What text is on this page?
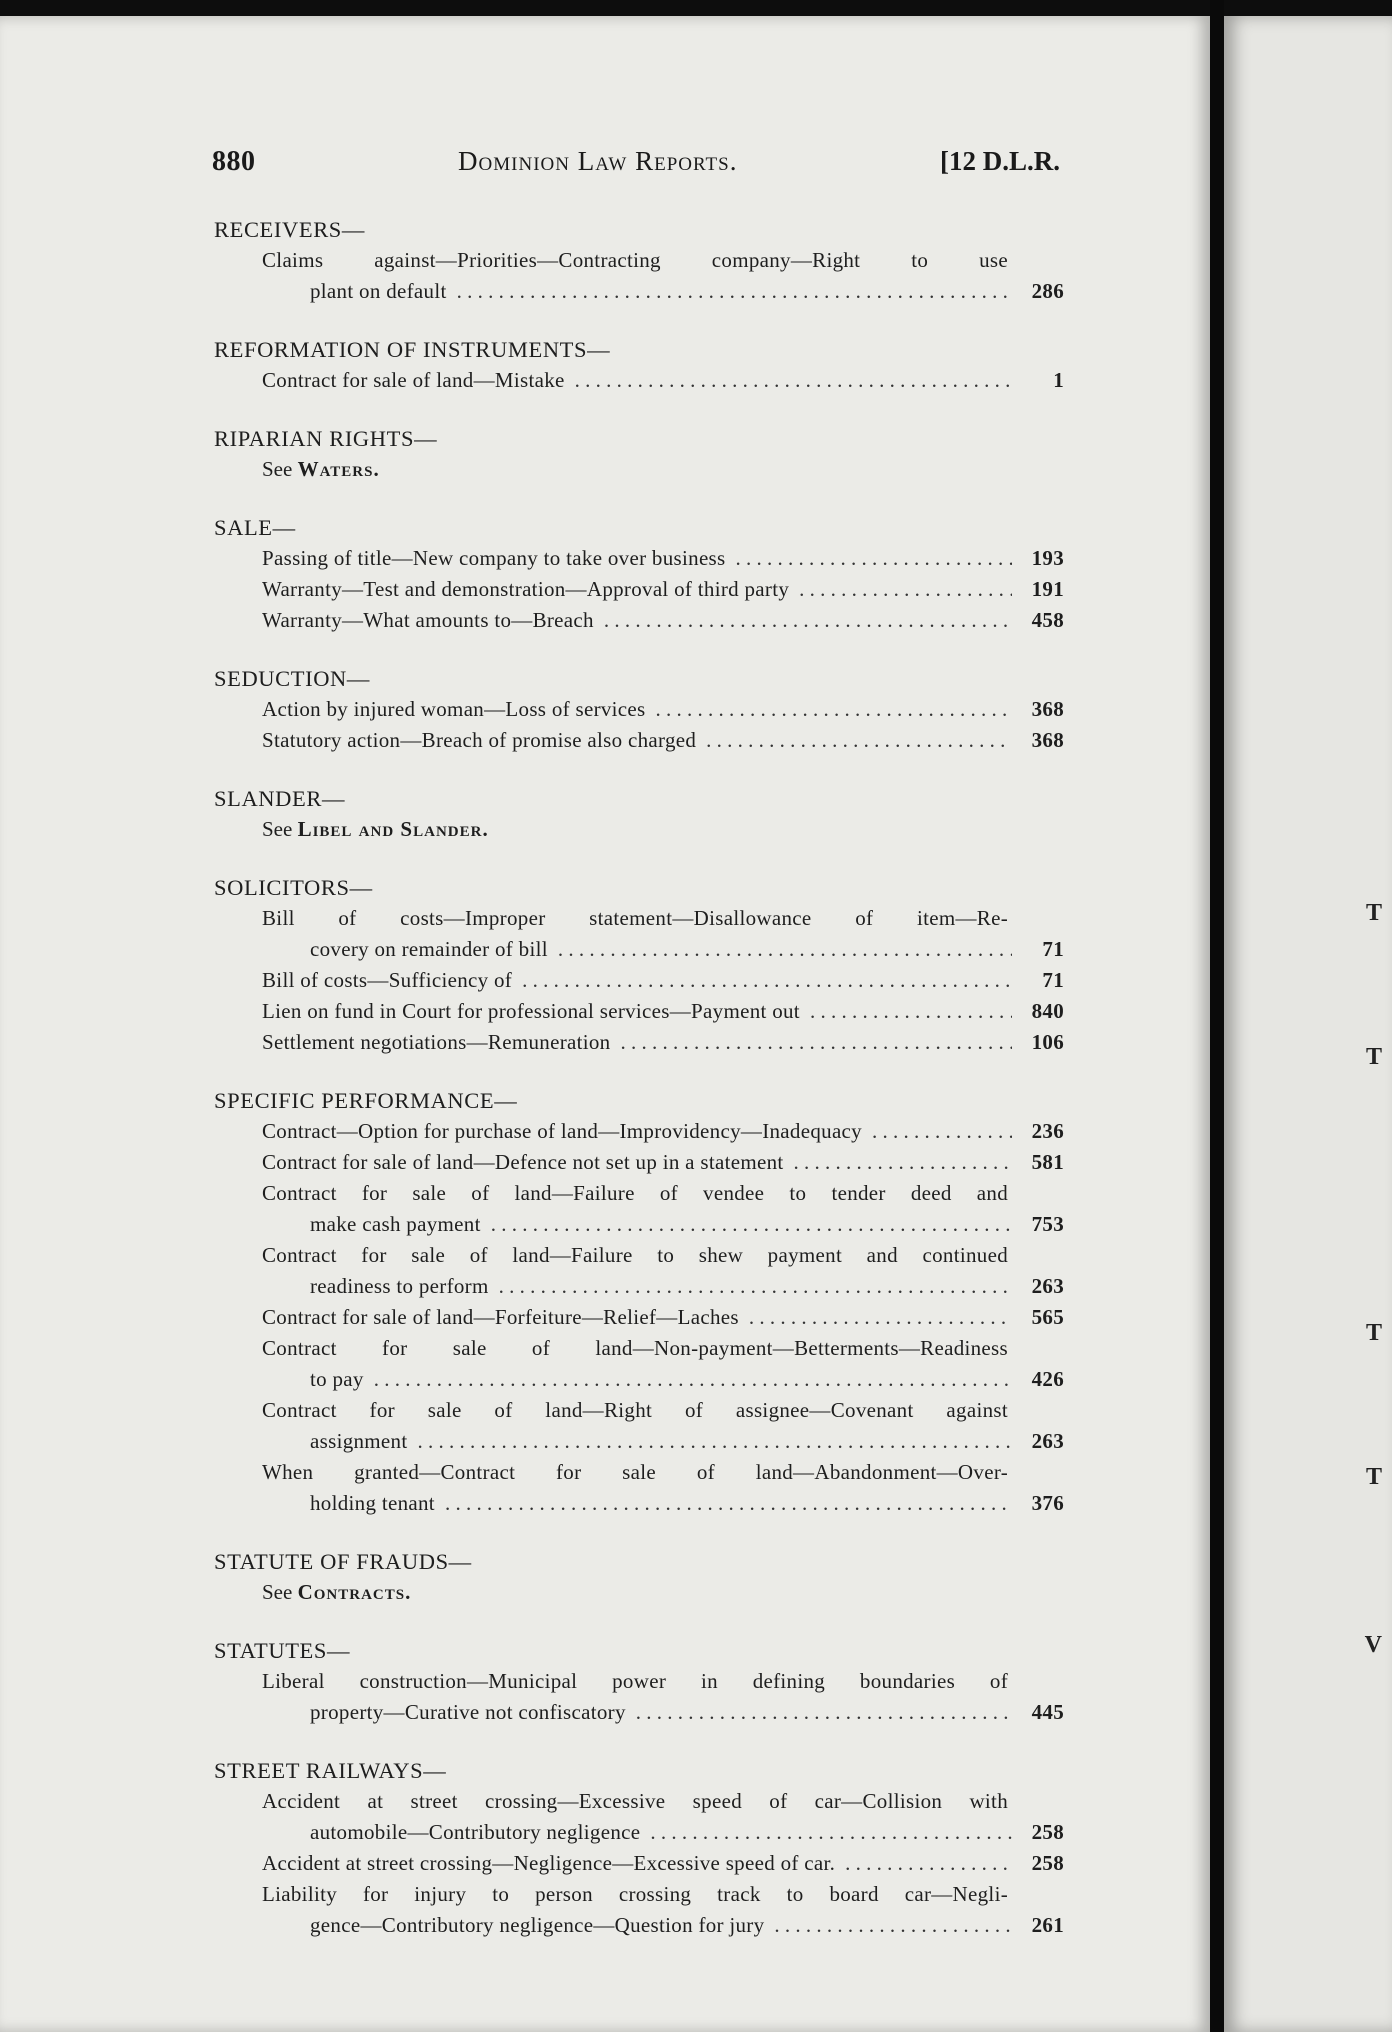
T
T
T
T
V
880	Dominion Law Reports.	[12 D.L.R.
RECEIVERS—
Claims against—Priorities—Contracting company—Right to use
plant on default . . .	286
REFORMATION OF INSTRUMENTS—
Contract for sale of land—Mistake . . .	1
RIPARIAN RIGHTS—
See Waters.
SALE—
Passing of title—New company to take over business . . .	193
Warranty—Test and demonstration—Approval of third party . . .	191
Warranty—What amounts to—Breach . . .	458
SEDUCTION—
Action by injured woman—Loss of services . . .	368
Statutory action—Breach of promise also charged . . .	368
SLANDER—
See Libel and Slander.
SOLICITORS—
Bill of costs—Improper statement—Disallowance of item—Re-
covery on remainder of bill . . .	71
Bill of costs—Sufficiency of . . .	71
Lien on fund in Court for professional services—Payment out . . .	840
Settlement negotiations—Remuneration . . .	106
SPECIFIC PERFORMANCE—
Contract—Option for purchase of land—Improvidency—Inadequacy . . .	236
Contract for sale of land—Defence not set up in a statement . . .	581
Contract for sale of land—Failure of vendee to tender deed and
make cash payment . . .	753
Contract for sale of land—Failure to shew payment and continued
readiness to perform . . .	263
Contract for sale of land—Forfeiture—Relief—Laches . . .	565
Contract for sale of land—Non-payment—Betterments—Readiness
to pay . . .	426
Contract for sale of land—Right of assignee—Covenant against
assignment . . .	263
When granted—Contract for sale of land—Abandonment—Over-
holding tenant . . .	376
STATUTE OF FRAUDS—
See Contracts.
STATUTES—
Liberal construction—Municipal power in defining boundaries of
property—Curative not confiscatory . . .	445
STREET RAILWAYS—
Accident at street crossing—Excessive speed of car—Collision with
automobile—Contributory negligence . . .	258
Accident at street crossing—Negligence—Excessive speed of car. . . .	258
Liability for injury to person crossing track to board car—Negli-
gence—Contributory negligence—Question for jury . . .	261
